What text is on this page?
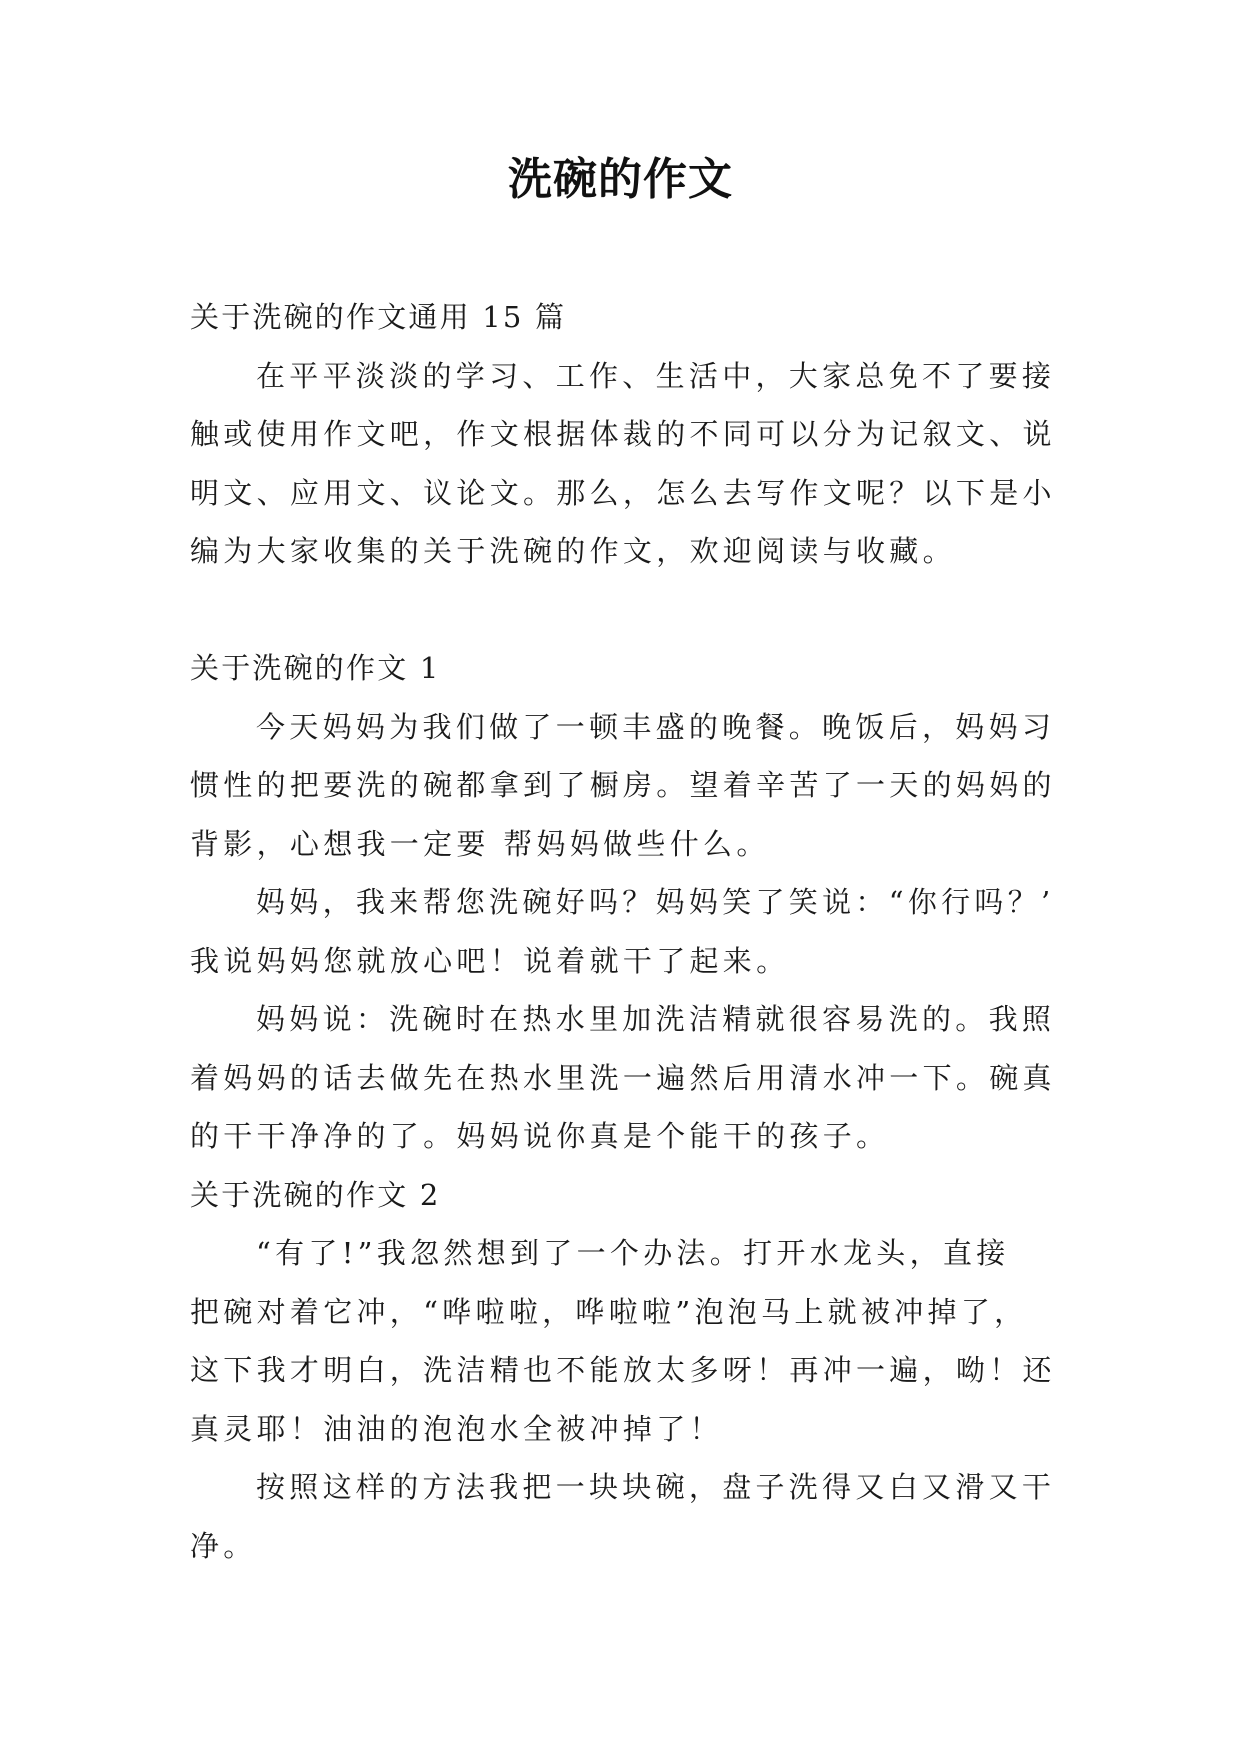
洗碗的作文
关于洗碗的作文通用 15 篇
在平平淡淡的学习、工作、生活中，大家总免不了要接
触或使用作文吧，作文根据体裁的不同可以分为记叙文、说
明文、应用文、议论文。那么，怎么去写作文呢？以下是小
编为大家收集的关于洗碗的作文，欢迎阅读与收藏。
关于洗碗的作文 1
今天妈妈为我们做了一顿丰盛的晚餐。晚饭后，妈妈习
惯性的把要洗的碗都拿到了橱房。望着辛苦了一天的妈妈的
背影，心想我一定要 帮妈妈做些什么。
妈妈，我来帮您洗碗好吗？妈妈笑了笑说：“你行吗？’
我说妈妈您就放心吧！说着就干了起来。
妈妈说：洗碗时在热水里加洗洁精就很容易洗的。我照
着妈妈的话去做先在热水里洗一遍然后用清水冲一下。碗真
的干干净净的了。妈妈说你真是个能干的孩子。
关于洗碗的作文 2
“有了!”我忽然想到了一个办法。打开水龙头，直接
把碗对着它冲，“哗啦啦，哗啦啦”泡泡马上就被冲掉了，
这下我才明白，洗洁精也不能放太多呀！再冲一遍，呦！还
真灵耶！油油的泡泡水全被冲掉了！
按照这样的方法我把一块块碗，盘子洗得又白又滑又干
净。
